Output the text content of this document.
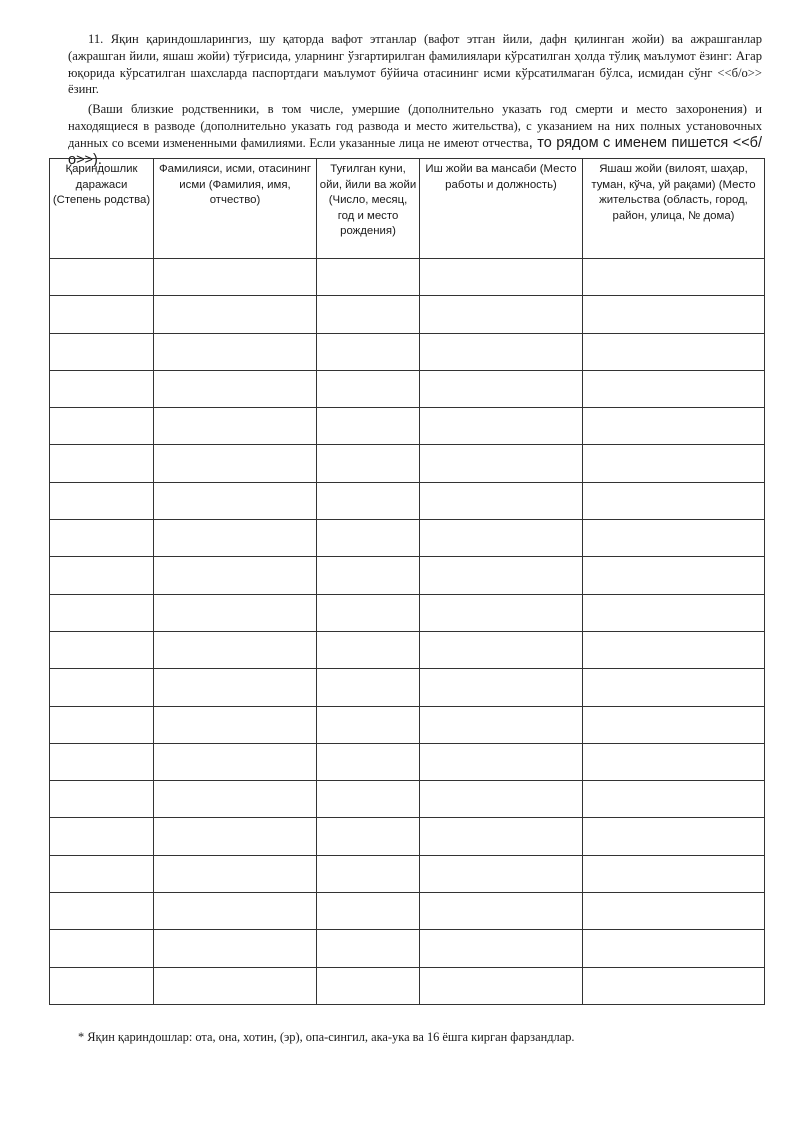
11. Яқин қариндошларингиз, шу қаторда вафот этганлар (вафот этган йили, дафн қилинган жойи) ва ажрашганлар (ажрашган йили, яшаш жойи) тўғрисида, уларнинг ўзгартирилган фамилиялари кўрсатилган ҳолда тўлиқ маълумот ёзинг: Агар юқорида кўрсатилган шахсларда паспортдаги маълумот бўйича отасининг исми кўрсатилмаган бўлса, исмидан сўнг <<б/о>> ёзинг.

(Ваши близкие родственники, в том числе, умершие (дополнительно указать год смерти и место захоронения) и находящиеся в разводе (дополнительно указать год развода и место жительства), с указанием на них полных установочных данных со всеми измененными фамилиями. Если указанные лица не имеют отчества, то рядом с именем пишется <<б/о>>).

Қариндошлик даражаси (Степень родства)	Фамилияси, исми, отасининг исми (Фамилия, имя, отчество)	Туғилган куни, ойи, йили ва жойи (Число, месяц, год и место рождения)	Иш жойи ва мансаби (Место работы и должность)	Яшаш жойи (вилоят, шаҳар, туман, кўча, уй рақами) (Место жительства (область, город, район, улица, № дома)

* Яқин қариндошлар: ота, она, хотин, (эр), опа-сингил, ака-ука ва 16 ёшга кирган фарзандлар.
